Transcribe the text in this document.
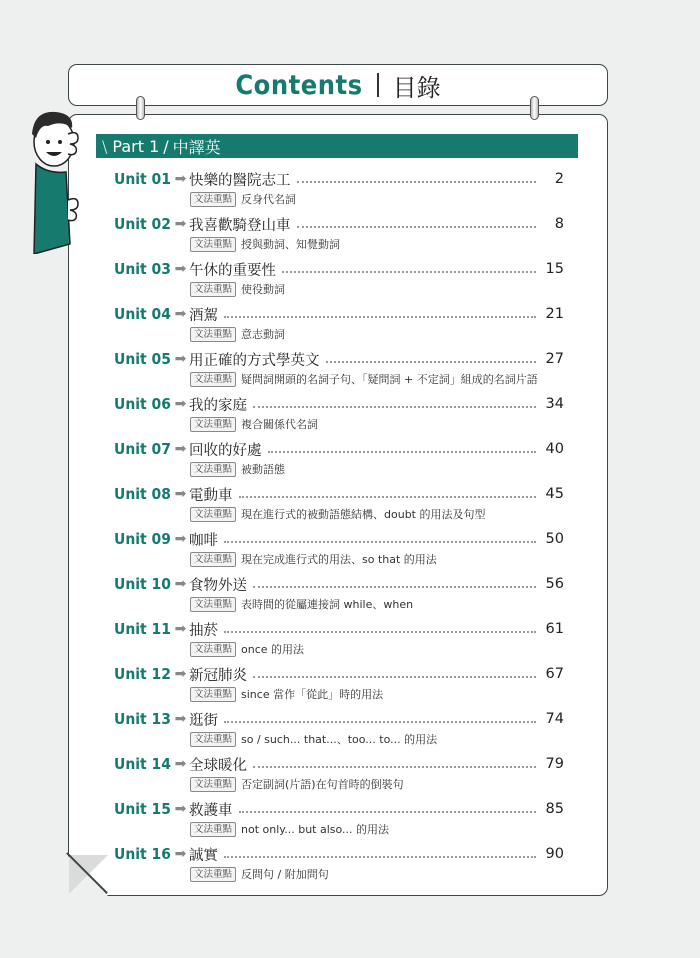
Contents 目錄
\ Part 1 / 中譯英
Unit 01 ➡ 快樂的醫院志工	2
文法重點 反身代名詞
Unit 02 ➡ 我喜歡騎登山車	8
文法重點 授與動詞、知覺動詞
Unit 03 ➡ 午休的重要性	15
文法重點 使役動詞
Unit 04 ➡ 酒駕	21
文法重點 意志動詞
Unit 05 ➡ 用正確的方式學英文	27
文法重點 疑問詞開頭的名詞子句、「疑問詞 + 不定詞」組成的名詞片語
Unit 06 ➡ 我的家庭	34
文法重點 複合關係代名詞
Unit 07 ➡ 回收的好處	40
文法重點 被動語態
Unit 08 ➡ 電動車	45
文法重點 現在進行式的被動語態結構、doubt 的用法及句型
Unit 09 ➡ 咖啡	50
文法重點 現在完成進行式的用法、so that 的用法
Unit 10 ➡ 食物外送	56
文法重點 表時間的從屬連接詞 while、when
Unit 11 ➡ 抽菸	61
文法重點 once 的用法
Unit 12 ➡ 新冠肺炎	67
文法重點 since 當作「從此」時的用法
Unit 13 ➡ 逛街	74
文法重點 so / such... that...、too... to... 的用法
Unit 14 ➡ 全球暖化	79
文法重點 否定副詞(片語)在句首時的倒裝句
Unit 15 ➡ 救護車	85
文法重點 not only... but also... 的用法
Unit 16 ➡ 誠實	90
文法重點 反問句 / 附加問句
